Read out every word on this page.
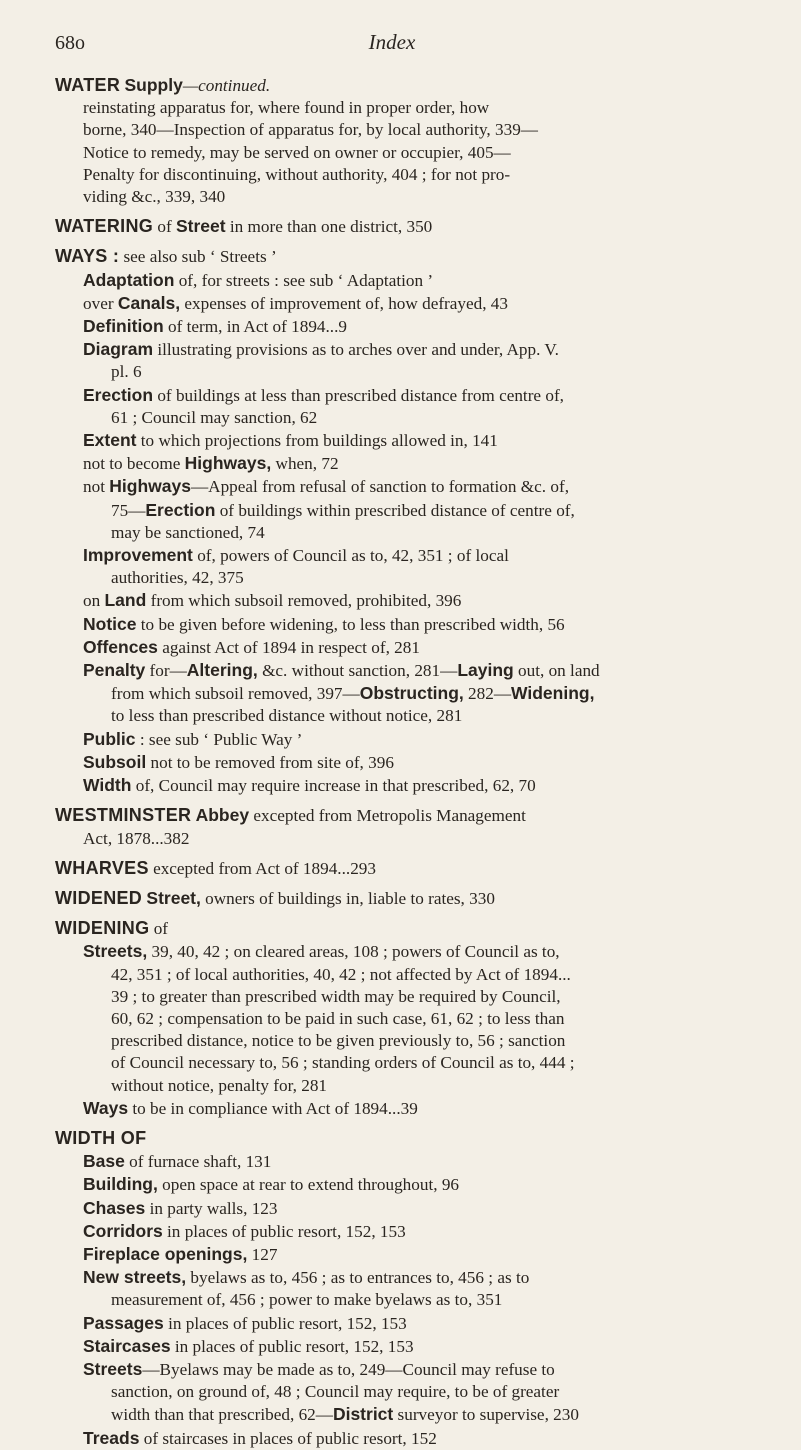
68o	Index
WATER Supply—continued.
reinstating apparatus for, where found in proper order, how
borne, 340—Inspection of apparatus for, by local authority, 339—
Notice to remedy, may be served on owner or occupier, 405—
Penalty for discontinuing, without authority, 404 ; for not pro-
viding &c., 339, 340
WATERING of Street in more than one district, 350
WAYS : see also sub ‘ Streets ’
Adaptation of, for streets : see sub ‘ Adaptation ’
over Canals, expenses of improvement of, how defrayed, 43
Definition of term, in Act of 1894...9
Diagram illustrating provisions as to arches over and under, App. V.
pl. 6
Erection of buildings at less than prescribed distance from centre of,
61 ; Council may sanction, 62
Extent to which projections from buildings allowed in, 141
not to become Highways, when, 72
not Highways—Appeal from refusal of sanction to formation &c. of,
75—Erection of buildings within prescribed distance of centre of,
may be sanctioned, 74
Improvement of, powers of Council as to, 42, 351 ; of local
authorities, 42, 375
on Land from which subsoil removed, prohibited, 396
Notice to be given before widening, to less than prescribed width, 56
Offences against Act of 1894 in respect of, 281
Penalty for—Altering, &c. without sanction, 281—Laying out, on land
from which subsoil removed, 397—Obstructing, 282—Widening,
to less than prescribed distance without notice, 281
Public : see sub ‘ Public Way ’
Subsoil not to be removed from site of, 396
Width of, Council may require increase in that prescribed, 62, 70
WESTMINSTER Abbey excepted from Metropolis Management
Act, 1878...382
WHARVES excepted from Act of 1894...293
WIDENED Street, owners of buildings in, liable to rates, 330
WIDENING of
Streets, 39, 40, 42 ; on cleared areas, 108 ; powers of Council as to,
42, 351 ; of local authorities, 40, 42 ; not affected by Act of 1894...
39 ; to greater than prescribed width may be required by Council,
60, 62 ; compensation to be paid in such case, 61, 62 ; to less than
prescribed distance, notice to be given previously to, 56 ; sanction
of Council necessary to, 56 ; standing orders of Council as to, 444 ;
without notice, penalty for, 281
Ways to be in compliance with Act of 1894...39
WIDTH OF
Base of furnace shaft, 131
Building, open space at rear to extend throughout, 96
Chases in party walls, 123
Corridors in places of public resort, 152, 153
Fireplace openings, 127
New streets, byelaws as to, 456 ; as to entrances to, 456 ; as to
measurement of, 456 ; power to make byelaws as to, 351
Passages in places of public resort, 152, 153
Staircases in places of public resort, 152, 153
Streets—Byelaws may be made as to, 249—Council may refuse to
sanction, on ground of, 48 ; Council may require, to be of greater
width than that prescribed, 62—District surveyor to supervise, 230
Treads of staircases in places of public resort, 152
